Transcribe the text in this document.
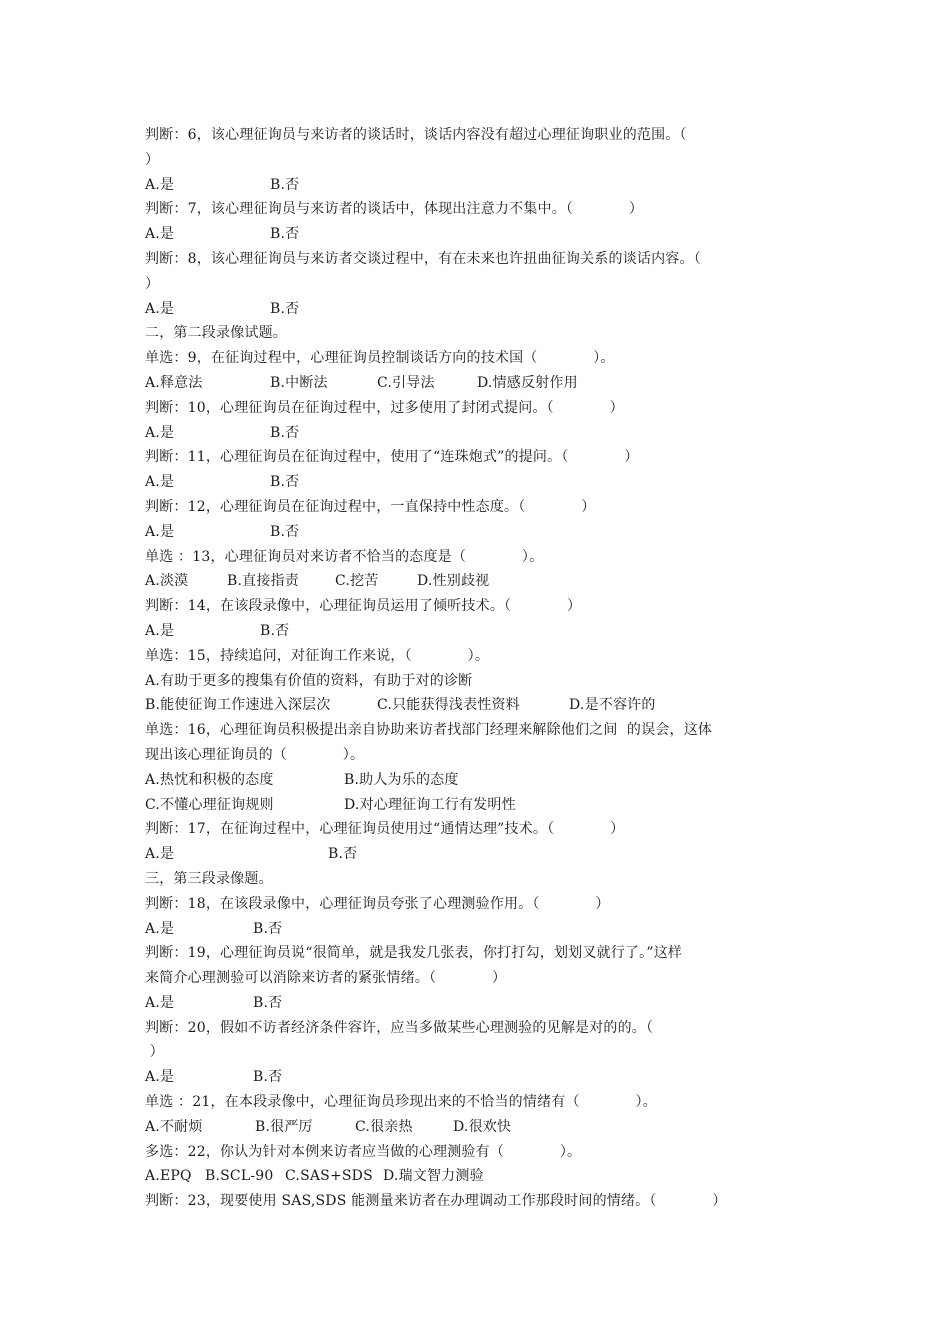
判断：6，该心理征询员与来访者的谈话时，谈话内容没有超过心理征询职业的范围。（
）
A.是	B.否
判断：7，该心理征询员与来访者的谈话中，体现出注意力不集中。（            ）
A.是	B.否
判断：8，该心理征询员与来访者交谈过程中，有在未来也许扭曲征询关系的谈话内容。（
）
A.是	B.否
二，第二段录像试题。
单选：9，在征询过程中，心理征询员控制谈话方向的技术国（            ）。
A.释意法	B.中断法	C.引导法	D.情感反射作用
判断：10，心理征询员在征询过程中，过多使用了封闭式提问。（            ）
A.是	B.否
判断：11，心理征询员在征询过程中，使用了“连珠炮式”的提问。（            ）
A.是	B.否
判断：12，心理征询员在征询过程中，一直保持中性态度。（            ）
A.是	B.否
单选 ：13，心理征询员对来访者不恰当的态度是（            ）。
A.淡漠	B.直接指责	C.挖苦	D.性别歧视
判断：14，在该段录像中，心理征询员运用了倾听技术。（            ）
A.是	B.否
单选：15，持续追问，对征询工作来说，（            ）。
A.有助于更多的搜集有价值的资料，有助于对的诊断
B.能使征询工作速进入深层次	C.只能获得浅表性资料	D.是不容许的
单选：16，心理征询员积极提出亲自协助来访者找部门经理来解除他们之间  的误会，这体
现出该心理征询员的（            ）。
A.热忱和积极的态度	B.助人为乐的态度
C.不懂心理征询规则	D.对心理征询工行有发明性
判断：17，在征询过程中，心理征询员使用过“通情达理”技术。（            ）
A.是	B.否
三，第三段录像题。
判断：18，在该段录像中，心理征询员夸张了心理测验作用。（            ）
A.是	B.否
判断：19，心理征询员说“很简单，就是我发几张表，你打打勾，划划叉就行了。”这样
来简介心理测验可以消除来访者的紧张情绪。（            ）
A.是	B.否
判断：20，假如不访者经济条件容许，应当多做某些心理测验的见解是对的的。（
）
A.是	B.否
单选 ：21，在本段录像中，心理征询员珍现出来的不恰当的情绪有（            ）。
A.不耐烦	B.很严厉	C.很亲热	D.很欢快
多选：22，你认为针对本例来访者应当做的心理测验有（            ）。
A.EPQ B.SCL-90 C.SAS+SDS D.瑞文智力测验
判断：23，现要使用 SAS,SDS 能测量来访者在办理调动工作那段时间的情绪。（            ）
